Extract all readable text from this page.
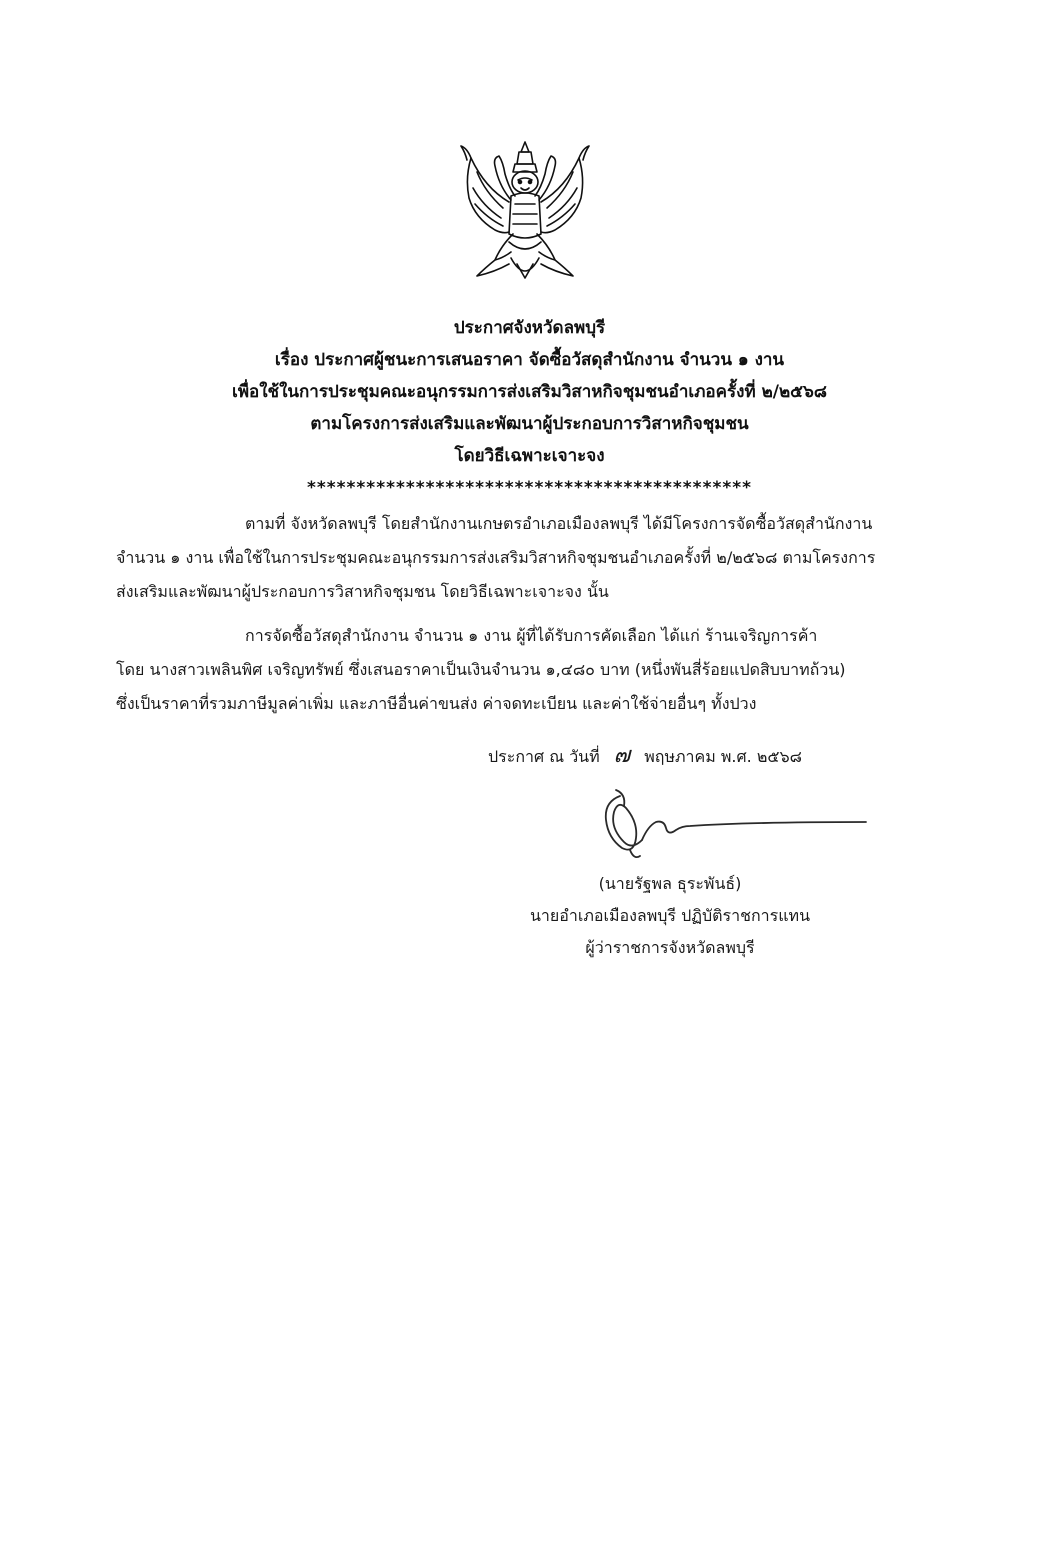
ประกาศจังหวัดลพบุรี
เรื่อง ประกาศผู้ชนะการเสนอราคา จัดซื้อวัสดุสำนักงาน จำนวน ๑ งาน
เพื่อใช้ในการประชุมคณะอนุกรรมการส่งเสริมวิสาหกิจชุมชนอำเภอครั้งที่ ๒/๒๕๖๘
ตามโครงการส่งเสริมและพัฒนาผู้ประกอบการวิสาหกิจชุมชน
โดยวิธีเฉพาะเจาะจง
*********************************************
ตามที่ จังหวัดลพบุรี โดยสำนักงานเกษตรอำเภอเมืองลพบุรี ได้มีโครงการจัดซื้อวัสดุสำนักงาน
จำนวน ๑ งาน เพื่อใช้ในการประชุมคณะอนุกรรมการส่งเสริมวิสาหกิจชุมชนอำเภอครั้งที่ ๒/๒๕๖๘ ตามโครงการ
ส่งเสริมและพัฒนาผู้ประกอบการวิสาหกิจชุมชน โดยวิธีเฉพาะเจาะจง นั้น
การจัดซื้อวัสดุสำนักงาน จำนวน ๑ งาน ผู้ที่ได้รับการคัดเลือก ได้แก่ ร้านเจริญการค้า
โดย นางสาวเพลินพิศ เจริญทรัพย์ ซึ่งเสนอราคาเป็นเงินจำนวน ๑,๔๘๐ บาท (หนึ่งพันสี่ร้อยแปดสิบบาทถ้วน)
ซึ่งเป็นราคาที่รวมภาษีมูลค่าเพิ่ม และภาษีอื่นค่าขนส่ง ค่าจดทะเบียน และค่าใช้จ่ายอื่นๆ ทั้งปวง
ประกาศ ณ วันที่ ๗ พฤษภาคม พ.ศ. ๒๕๖๘
(นายรัฐพล ธุระพันธ์)
นายอำเภอเมืองลพบุรี ปฏิบัติราชการแทน
ผู้ว่าราชการจังหวัดลพบุรี
